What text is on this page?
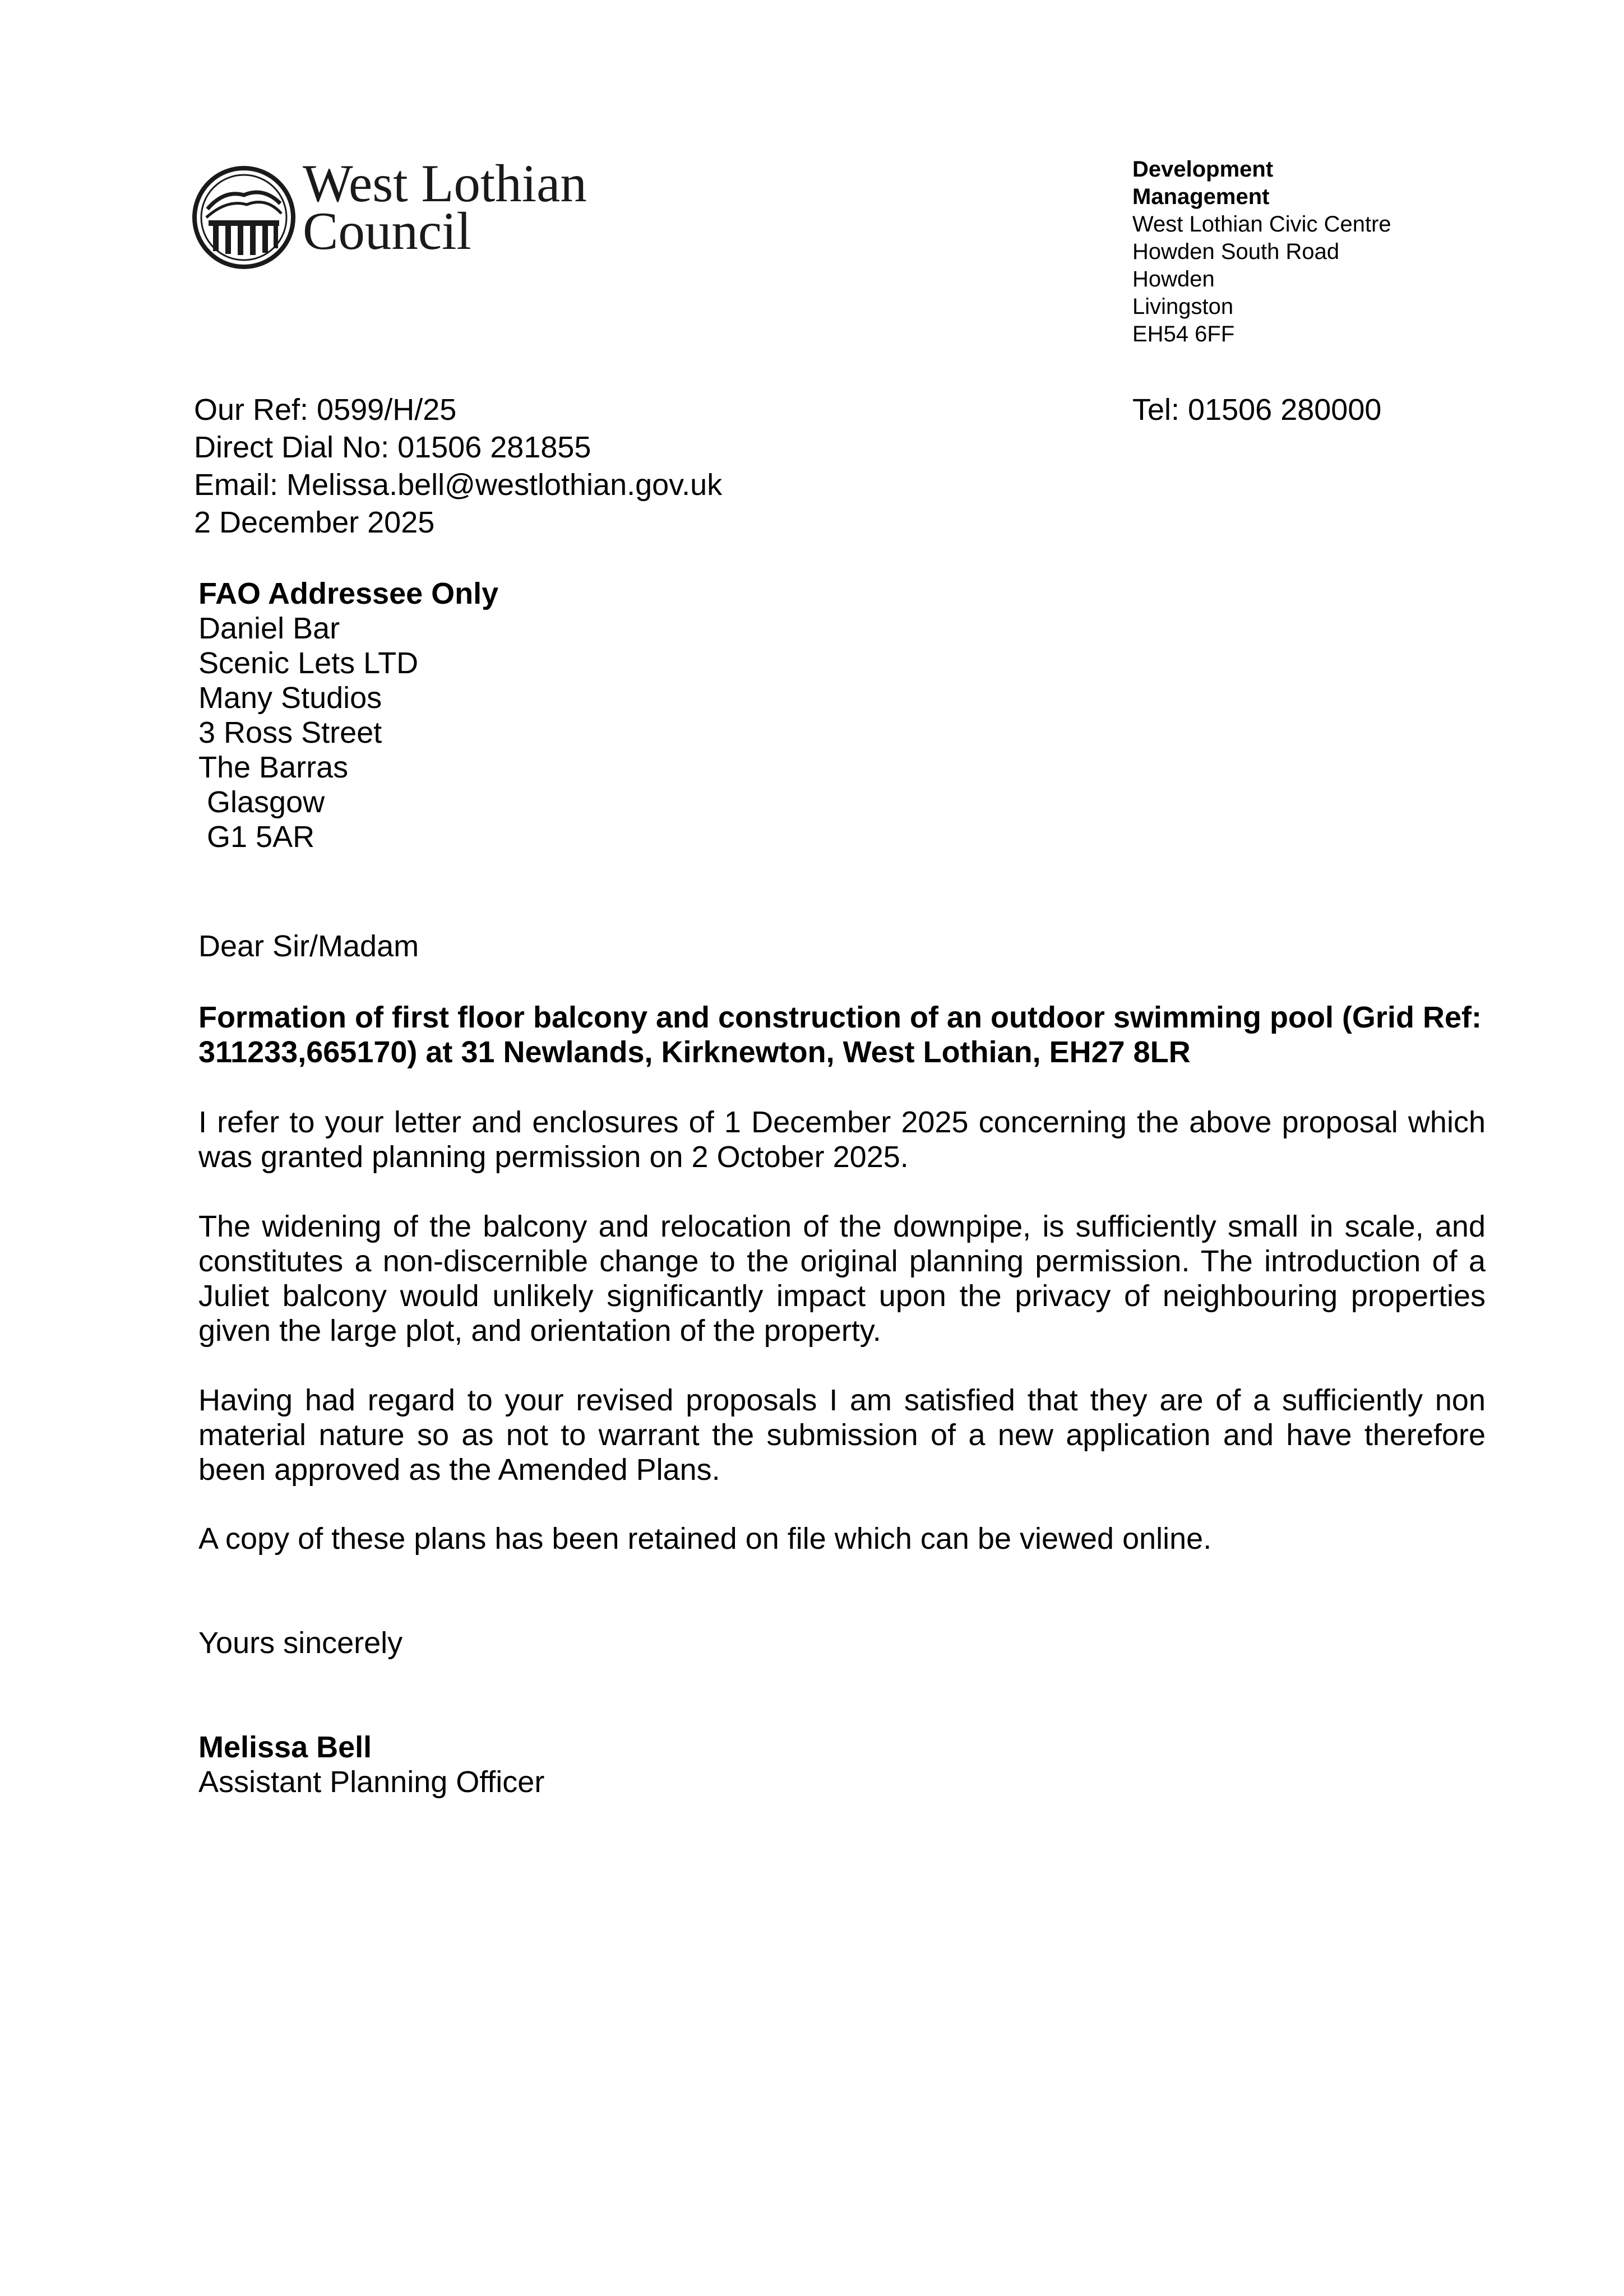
West Lothian
Council
Development
Management
West Lothian Civic Centre
Howden South Road
Howden
Livingston
EH54 6FF
Our Ref: 0599/H/25
Direct Dial No: 01506 281855
Email: Melissa.bell@westlothian.gov.uk
2 December 2025
Tel: 01506 280000
FAO Addressee Only
Daniel Bar
Scenic Lets LTD
Many Studios
3 Ross Street
The Barras
Glasgow
G1 5AR
Dear Sir/Madam
Formation of first floor balcony and construction of an outdoor swimming pool (Grid Ref: 311233,665170) at 31 Newlands, Kirknewton, West Lothian, EH27 8LR
I refer to your letter and enclosures of 1 December 2025 concerning the above proposal which was granted planning permission on 2 October 2025.
The widening of the balcony and relocation of the downpipe, is sufficiently small in scale, and constitutes a non-discernible change to the original planning permission. The introduction of a Juliet balcony would unlikely significantly impact upon the privacy of neighbouring properties given the large plot, and orientation of the property.
Having had regard to your revised proposals I am satisfied that they are of a sufficiently non material nature so as not to warrant the submission of a new application and have therefore been approved as the Amended Plans.
A copy of these plans has been retained on file which can be viewed online.
Yours sincerely
Melissa Bell
Assistant Planning Officer
